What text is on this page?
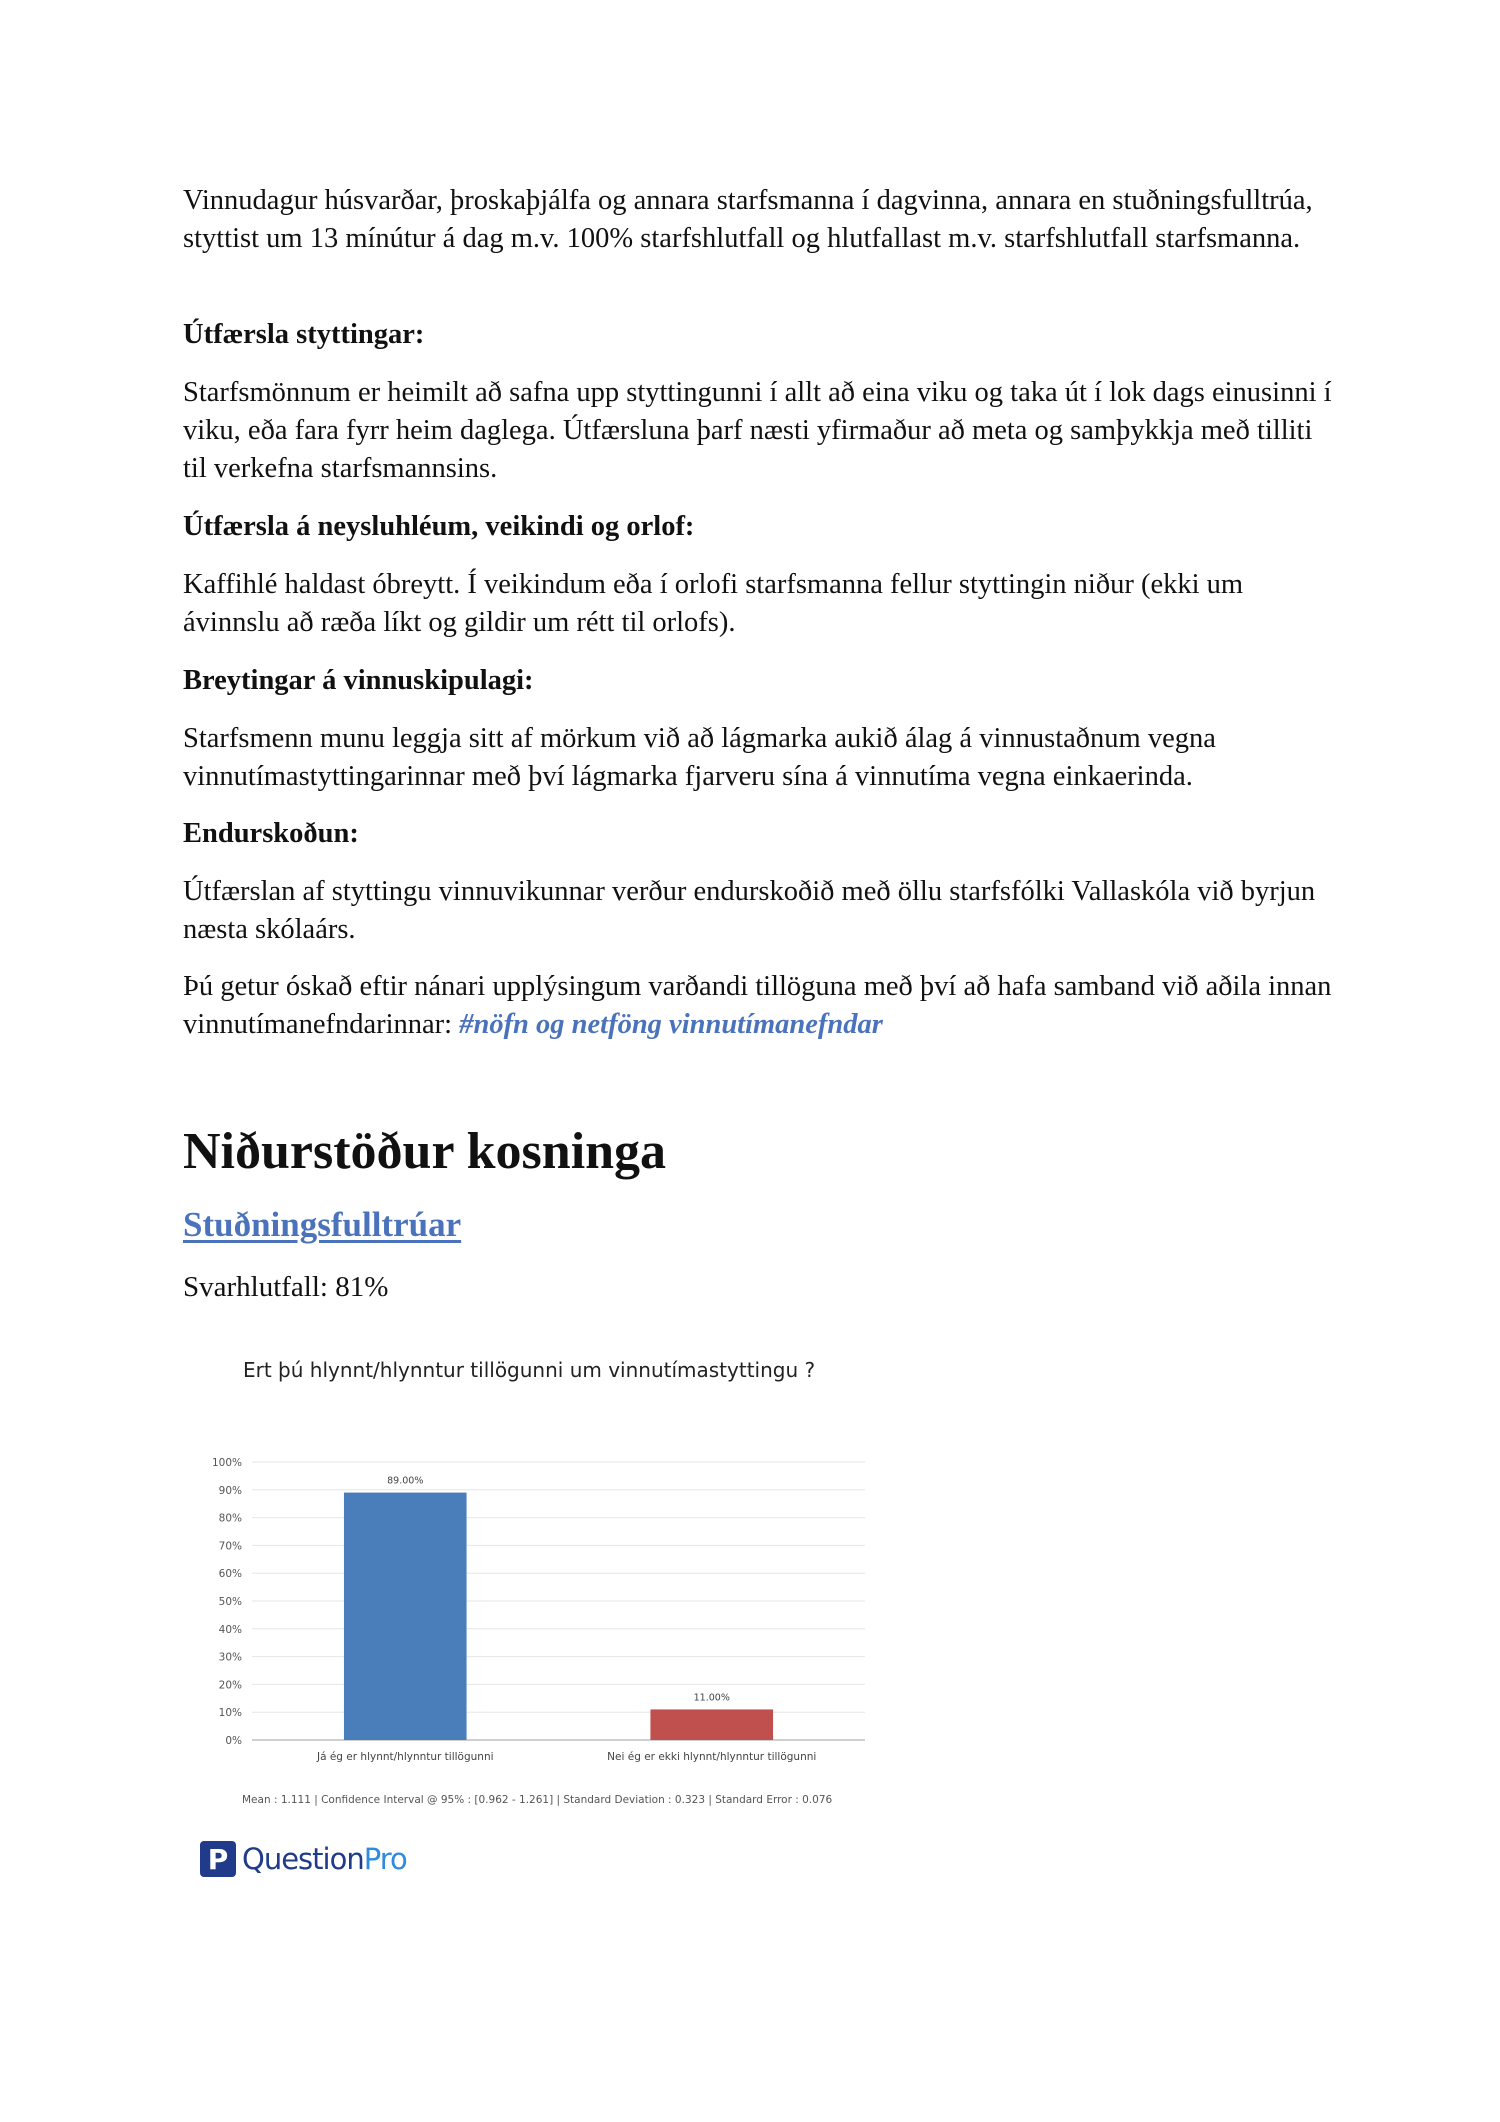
Vinnudagur húsvarðar, þroskaþjálfa og annara starfsmanna í dagvinna, annara en stuðningsfulltrúa, styttist um 13 mínútur á dag m.v. 100% starfshlutfall og hlutfallast m.v. starfshlutfall starfsmanna.

Útfærsla styttingar:

Starfsmönnum er heimilt að safna upp styttingunni í allt að eina viku og taka út í lok dags einusinni í viku, eða fara fyrr heim daglega. Útfærsluna þarf næsti yfirmaður að meta og samþykkja með tilliti til verkefna starfsmannsins.

Útfærsla á neysluhléum, veikindi og orlof:

Kaffihlé haldast óbreytt. Í veikindum eða í orlofi starfsmanna fellur styttingin niður (ekki um ávinnslu að ræða líkt og gildir um rétt til orlofs).

Breytingar á vinnuskipulagi:

Starfsmenn munu leggja sitt af mörkum við að lágmarka aukið álag á vinnustaðnum vegna vinnutímastyttingarinnar með því lágmarka fjarveru sína á vinnutíma vegna einkaerinda.

Endurskoðun:

Útfærslan af styttingu vinnuvikunnar verður endurskoðið með öllu starfsfólki Vallaskóla við byrjun næsta skólaárs.

Þú getur óskað eftir nánari upplýsingum varðandi tillöguna með því að hafa samband við aðila innan vinnutímanefndarinnar: #nöfn og netföng vinnutímanefndar

Niðurstöður kosninga
Stuðningsfulltrúar

Svarhlutfall: 81%

Ert þú hlynnt/hlynntur tillögunni um vinnutímastyttingu ?
0%
10%
20%
30%
40%
50%
60%
70%
80%
90%
100%
89.00%
Já ég er hlynnt/hlynntur tillögunni
11.00%
Nei ég er ekki hlynnt/hlynntur tillögunni
Mean : 1.111 | Confidence Interval @ 95% : [0.962 - 1.261] | Standard Deviation : 0.323 | Standard Error : 0.076
P QuestionPro
